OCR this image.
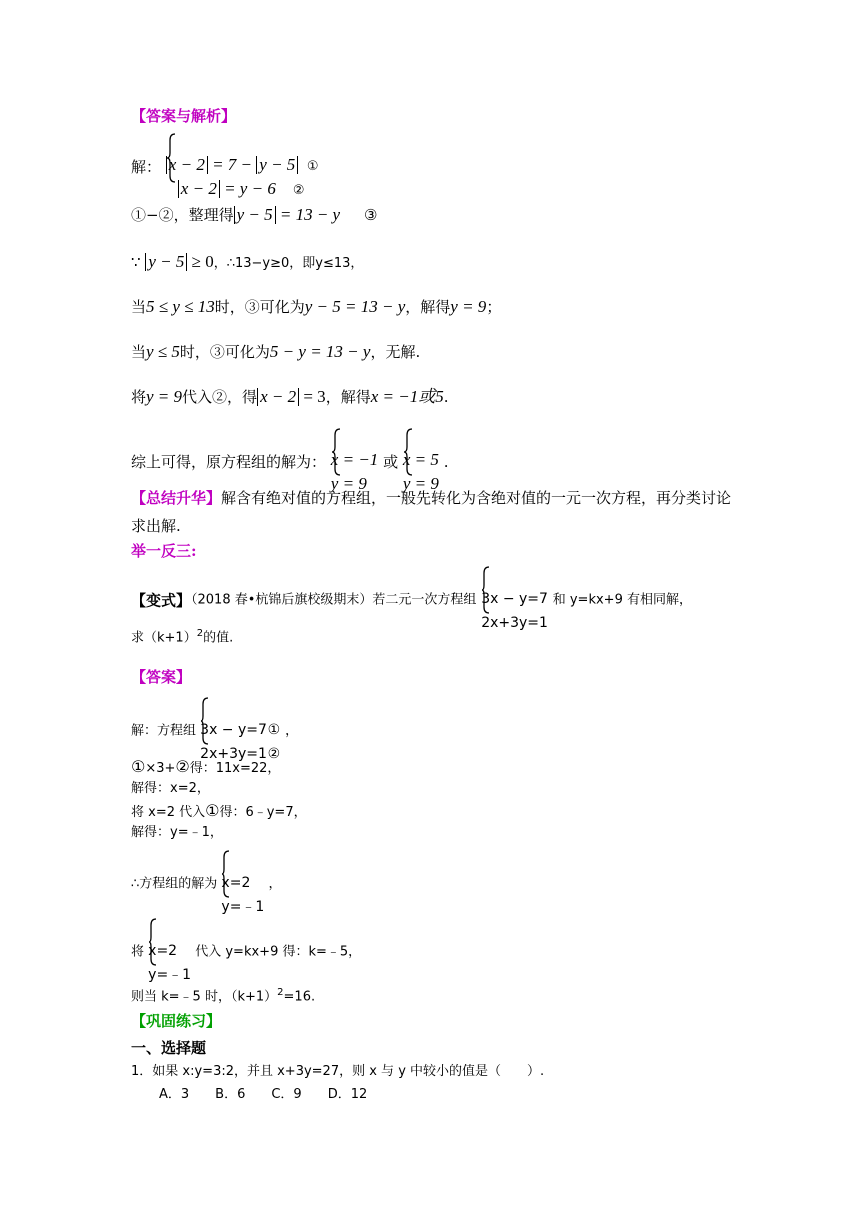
【答案与解析】
解： x − 2 = 7 − y − 5 ①
x − 2 = y − 6 ②
①−②，整理得 y − 5 = 13 − y ③
∵ y − 5 ≥ 0，∴13−y≥0，即y≤13，
当5 ≤ y ≤ 13时，③可化为y − 5 = 13 − y，解得y = 9；
当y ≤ 5时，③可化为5 − y = 13 − y，无解.
将y = 9代入②，得 x − 2 = 3，解得x = −1或5.
综上可得，原方程组的解为： x = −1
y = 9
或 x = 5
y = 9
.
【总结升华】解含有绝对值的方程组，一般先转化为含绝对值的一元一次方程，再分类讨论
求出解.
举一反三:
【变式】（2018 春•杭锦后旗校级期末）若二元一次方程组 3x − y=7
2x+3y=1
和 y=kx+9 有相同解，
求$(k+1)^2$的值.
【答案】
解：方程组 3x − y=7①
2x+3y=1②
，
①×3+②得：11x=22，
解得：x=2，
将 x=2 代入①得：6﹣y=7，
解得：y=﹣1，
∴方程组的解为 x=2
y=﹣1
，
将 x=2
y=﹣1
代入 y=kx+9 得：k=﹣5，
则当 k=﹣5 时，$(k+1)^2=16$.
【巩固练习】
一、选择题
1．如果 x:y=3:2，并且 x+3y=27，则 x 与 y 中较小的值是（　　）.
A．3　　B．6　　C．9　　D．12
